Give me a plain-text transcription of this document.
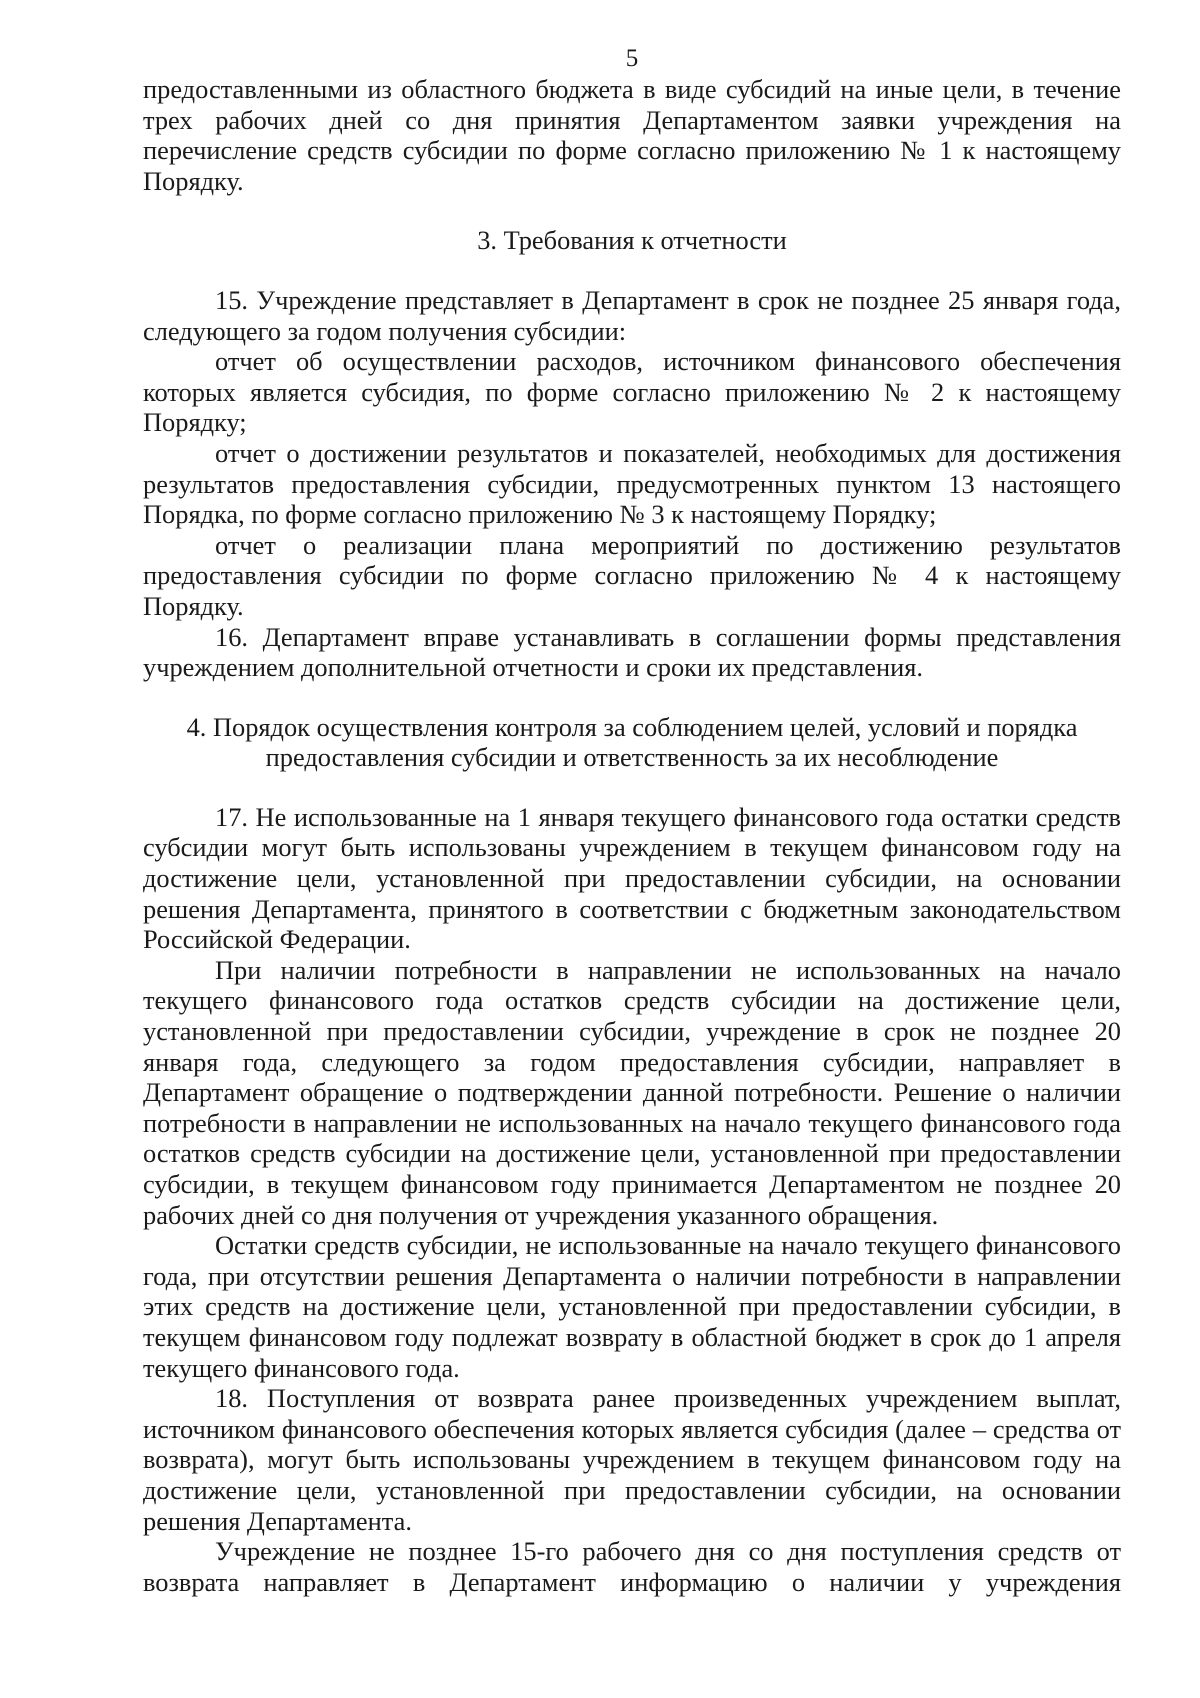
5

предоставленными из областного бюджета в виде субсидий на иные цели, в течение трех рабочих дней со дня принятия Департаментом заявки учреждения на перечисление средств субсидии по форме согласно приложению № 1 к настоящему Порядку.

3. Требования к отчетности

15. Учреждение представляет в Департамент в срок не позднее 25 января года, следующего за годом получения субсидии:

отчет об осуществлении расходов, источником финансового обеспечения которых является субсидия, по форме согласно приложению № 2 к настоящему Порядку;

отчет о достижении результатов и показателей, необходимых для достижения результатов предоставления субсидии, предусмотренных пунктом 13 настоящего Порядка, по форме согласно приложению № 3 к настоящему Порядку;

отчет о реализации плана мероприятий по достижению результатов предоставления субсидии по форме согласно приложению № 4 к настоящему Порядку.

16. Департамент вправе устанавливать в соглашении формы представления учреждением дополнительной отчетности и сроки их представления.

4. Порядок осуществления контроля за соблюдением целей, условий и порядка
предоставления субсидии и ответственность за их несоблюдение

17. Не использованные на 1 января текущего финансового года остатки средств субсидии могут быть использованы учреждением в текущем финансовом году на достижение цели, установленной при предоставлении субсидии, на основании решения Департамента, принятого в соответствии с бюджетным законодательством Российской Федерации.

При наличии потребности в направлении не использованных на начало текущего финансового года остатков средств субсидии на достижение цели, установленной при предоставлении субсидии, учреждение в срок не позднее 20 января года, следующего за годом предоставления субсидии, направляет в Департамент обращение о подтверждении данной потребности. Решение о наличии потребности в направлении не использованных на начало текущего финансового года остатков средств субсидии на достижение цели, установленной при предоставлении субсидии, в текущем финансовом году принимается Департаментом не позднее 20 рабочих дней со дня получения от учреждения указанного обращения.

Остатки средств субсидии, не использованные на начало текущего финансового года, при отсутствии решения Департамента о наличии потребности в направлении этих средств на достижение цели, установленной при предоставлении субсидии, в текущем финансовом году подлежат возврату в областной бюджет в срок до 1 апреля текущего финансового года.

18. Поступления от возврата ранее произведенных учреждением выплат, источником финансового обеспечения которых является субсидия (далее – средства от возврата), могут быть использованы учреждением в текущем финансовом году на достижение цели, установленной при предоставлении субсидии, на основании решения Департамента.

Учреждение не позднее 15-го рабочего дня со дня поступления средств от возврата направляет в Департамент информацию о наличии у учреждения
